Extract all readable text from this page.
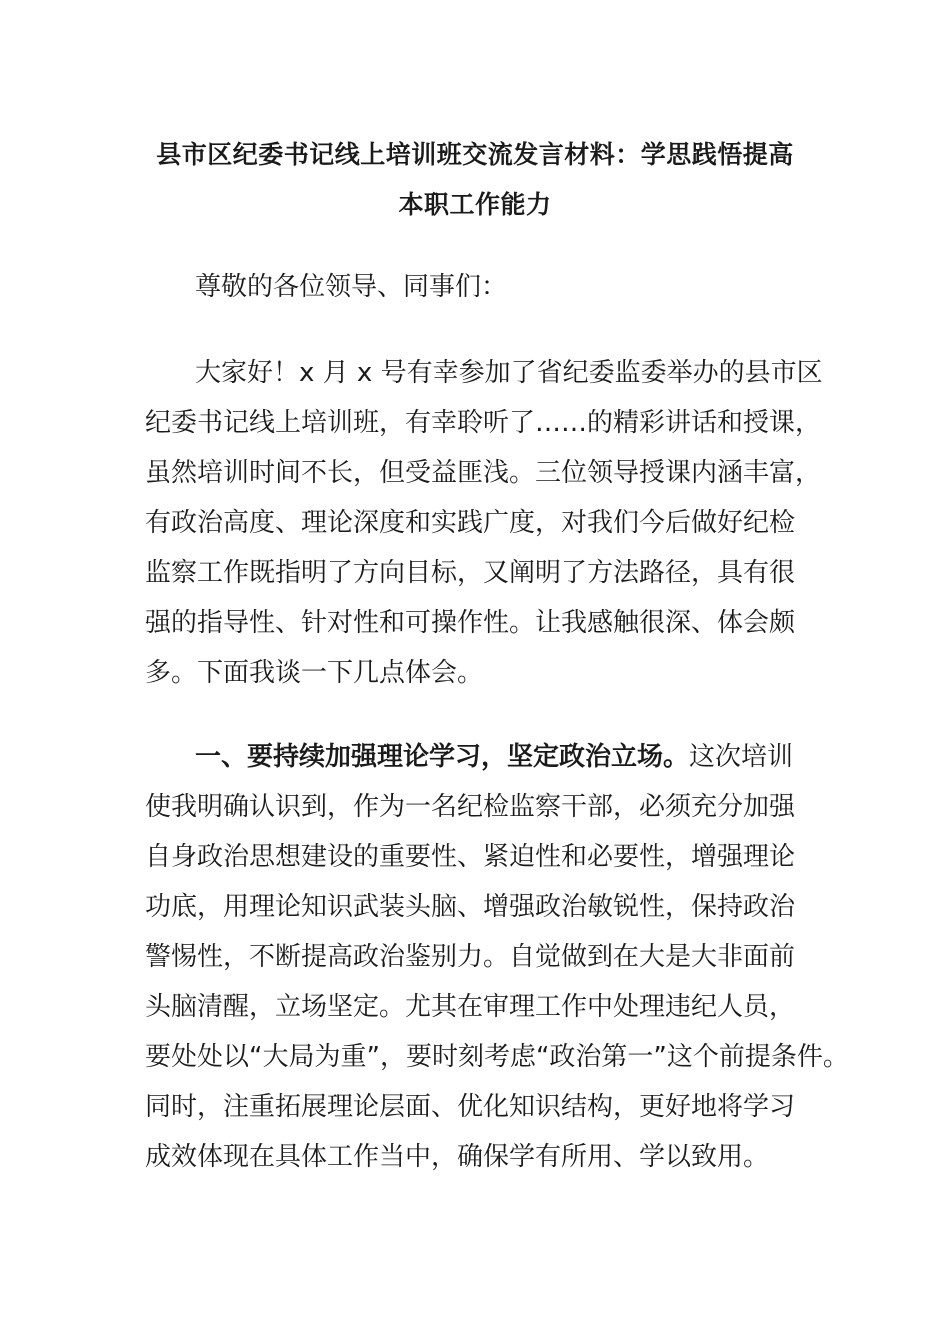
县市区纪委书记线上培训班交流发言材料：学思践悟提高
本职工作能力
尊敬的各位领导、同事们：
大家好！x 月 x 号有幸参加了省纪委监委举办的县市区
纪委书记线上培训班，有幸聆听了……的精彩讲话和授课，
虽然培训时间不长，但受益匪浅。三位领导授课内涵丰富，
有政治高度、理论深度和实践广度，对我们今后做好纪检
监察工作既指明了方向目标，又阐明了方法路径，具有很
强的指导性、针对性和可操作性。让我感触很深、体会颇
多。下面我谈一下几点体会。
一、要持续加强理论学习，坚定政治立场。这次培训
使我明确认识到，作为一名纪检监察干部，必须充分加强
自身政治思想建设的重要性、紧迫性和必要性，增强理论
功底，用理论知识武装头脑、增强政治敏锐性，保持政治
警惕性，不断提高政治鉴别力。自觉做到在大是大非面前
头脑清醒，立场坚定。尤其在审理工作中处理违纪人员，
要处处以“大局为重”，要时刻考虑“政治第一”这个前提条件。
同时，注重拓展理论层面、优化知识结构，更好地将学习
成效体现在具体工作当中，确保学有所用、学以致用。
